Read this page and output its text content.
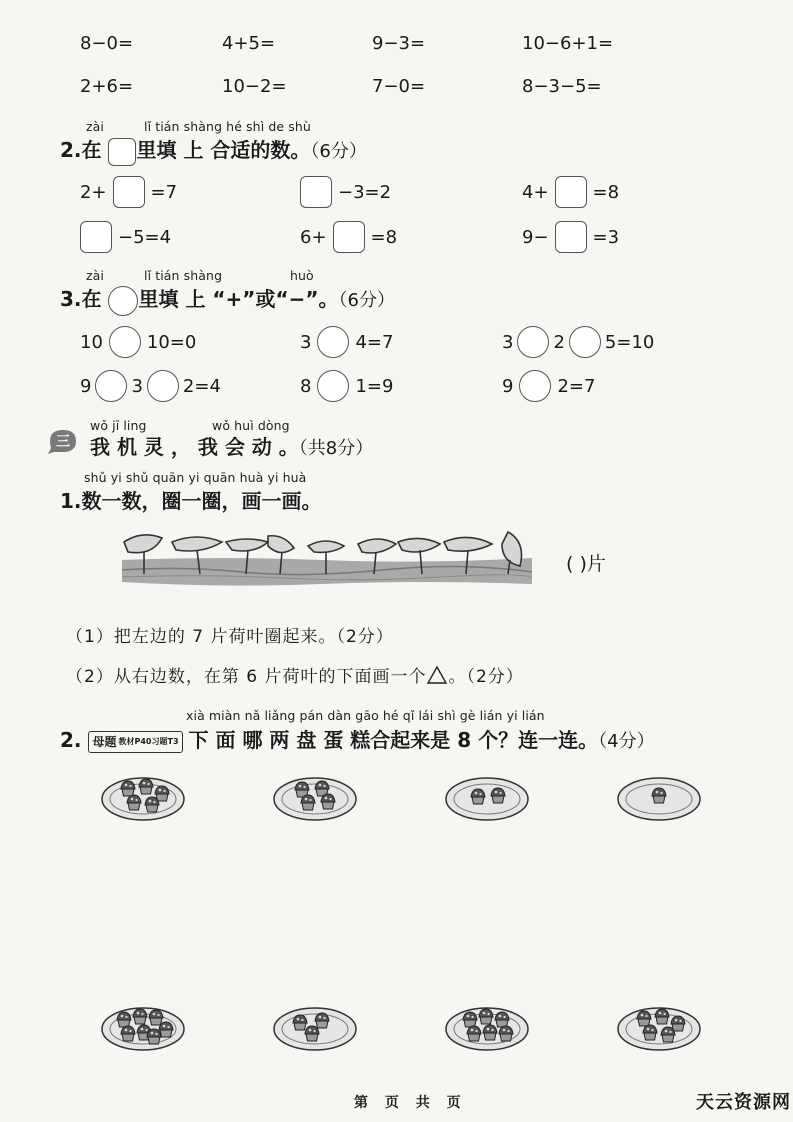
8−0=	4+5=	9−3=	10−6+1=
2+6=	10−2=	7−0=	8−3−5=
zài	lǐ tián shàng hé shì de shù
2.在 里填 上 合适的数。（6分）
2+ =7	−3=2	4+ =8
−5=4	6+ =8	9− =3
zài	lǐ tián shàng	huò
3.在 里填 上 “+”或“−”。（6分）
10 10=0	3 4=7	3 2 5=10
9 3 2=4	8 1=9	9 2=7
wǒ jī ling	wǒ huì dòng
三 我 机 灵 ， 我 会 动 。（共8分）
shǔ yi shǔ quān yi quān huà yi huà
1.数一数，圈一圈，画一画。
( )片
（1）把左边的 7 片荷叶圈起来。（2分）
（2）从右边数，在第 6 片荷叶的下面画一个 。（2分）
xià miàn nǎ liǎng pán dàn gāo hé qǐ lái shì gè lián yi lián
2. 母题 教材P40习题T3 下 面 哪 两 盘 蛋 糕合起来是 8 个？连一连。（4分）
第 页 共 页	天云资源网
